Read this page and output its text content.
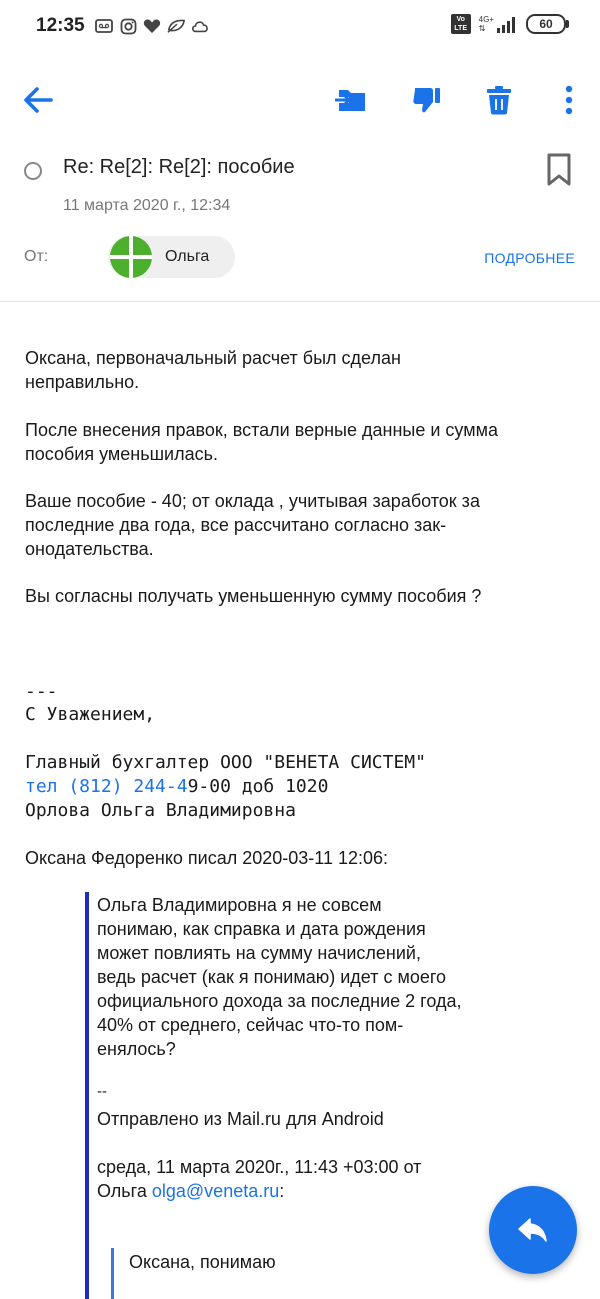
12:35	Vo
LTE
4G+
⇅	60
Re: Re[2]: Re[2]: пособие
11 марта 2020 г., 12:34
От:	Ольга	ПОДРОБНЕЕ
Оксана, первоначальный расчет был сделан
неправильно.
После внесения правок, встали верные данные и сумма
пособия уменьшилась.
Ваше пособие - 40; от оклада , учитывая заработок за
последние два года, все рассчитано согласно зак-
онодательства.
Вы согласны получать уменьшенную сумму пособия ?
---
С Уважением,
Главный бухгалтер ООО "ВЕНЕТА СИСТЕМ"
тел (812) 244-49-00 доб 1020
Орлова Ольга Владимировна
Оксана Федоренко писал 2020-03-11 12:06:
Ольга Владимировна я не совсем
понимаю, как справка и дата рождения
может повлиять на сумму начислений,
ведь расчет (как я понимаю) идет с моего
официального дохода за последние 2 года,
40% от среднего, сейчас что-то пом-
енялось?
--
Отправлено из Mail.ru для Android
среда, 11 марта 2020г., 11:43 +03:00 от
Ольга olga@veneta.ru:
Оксана, понимаю
